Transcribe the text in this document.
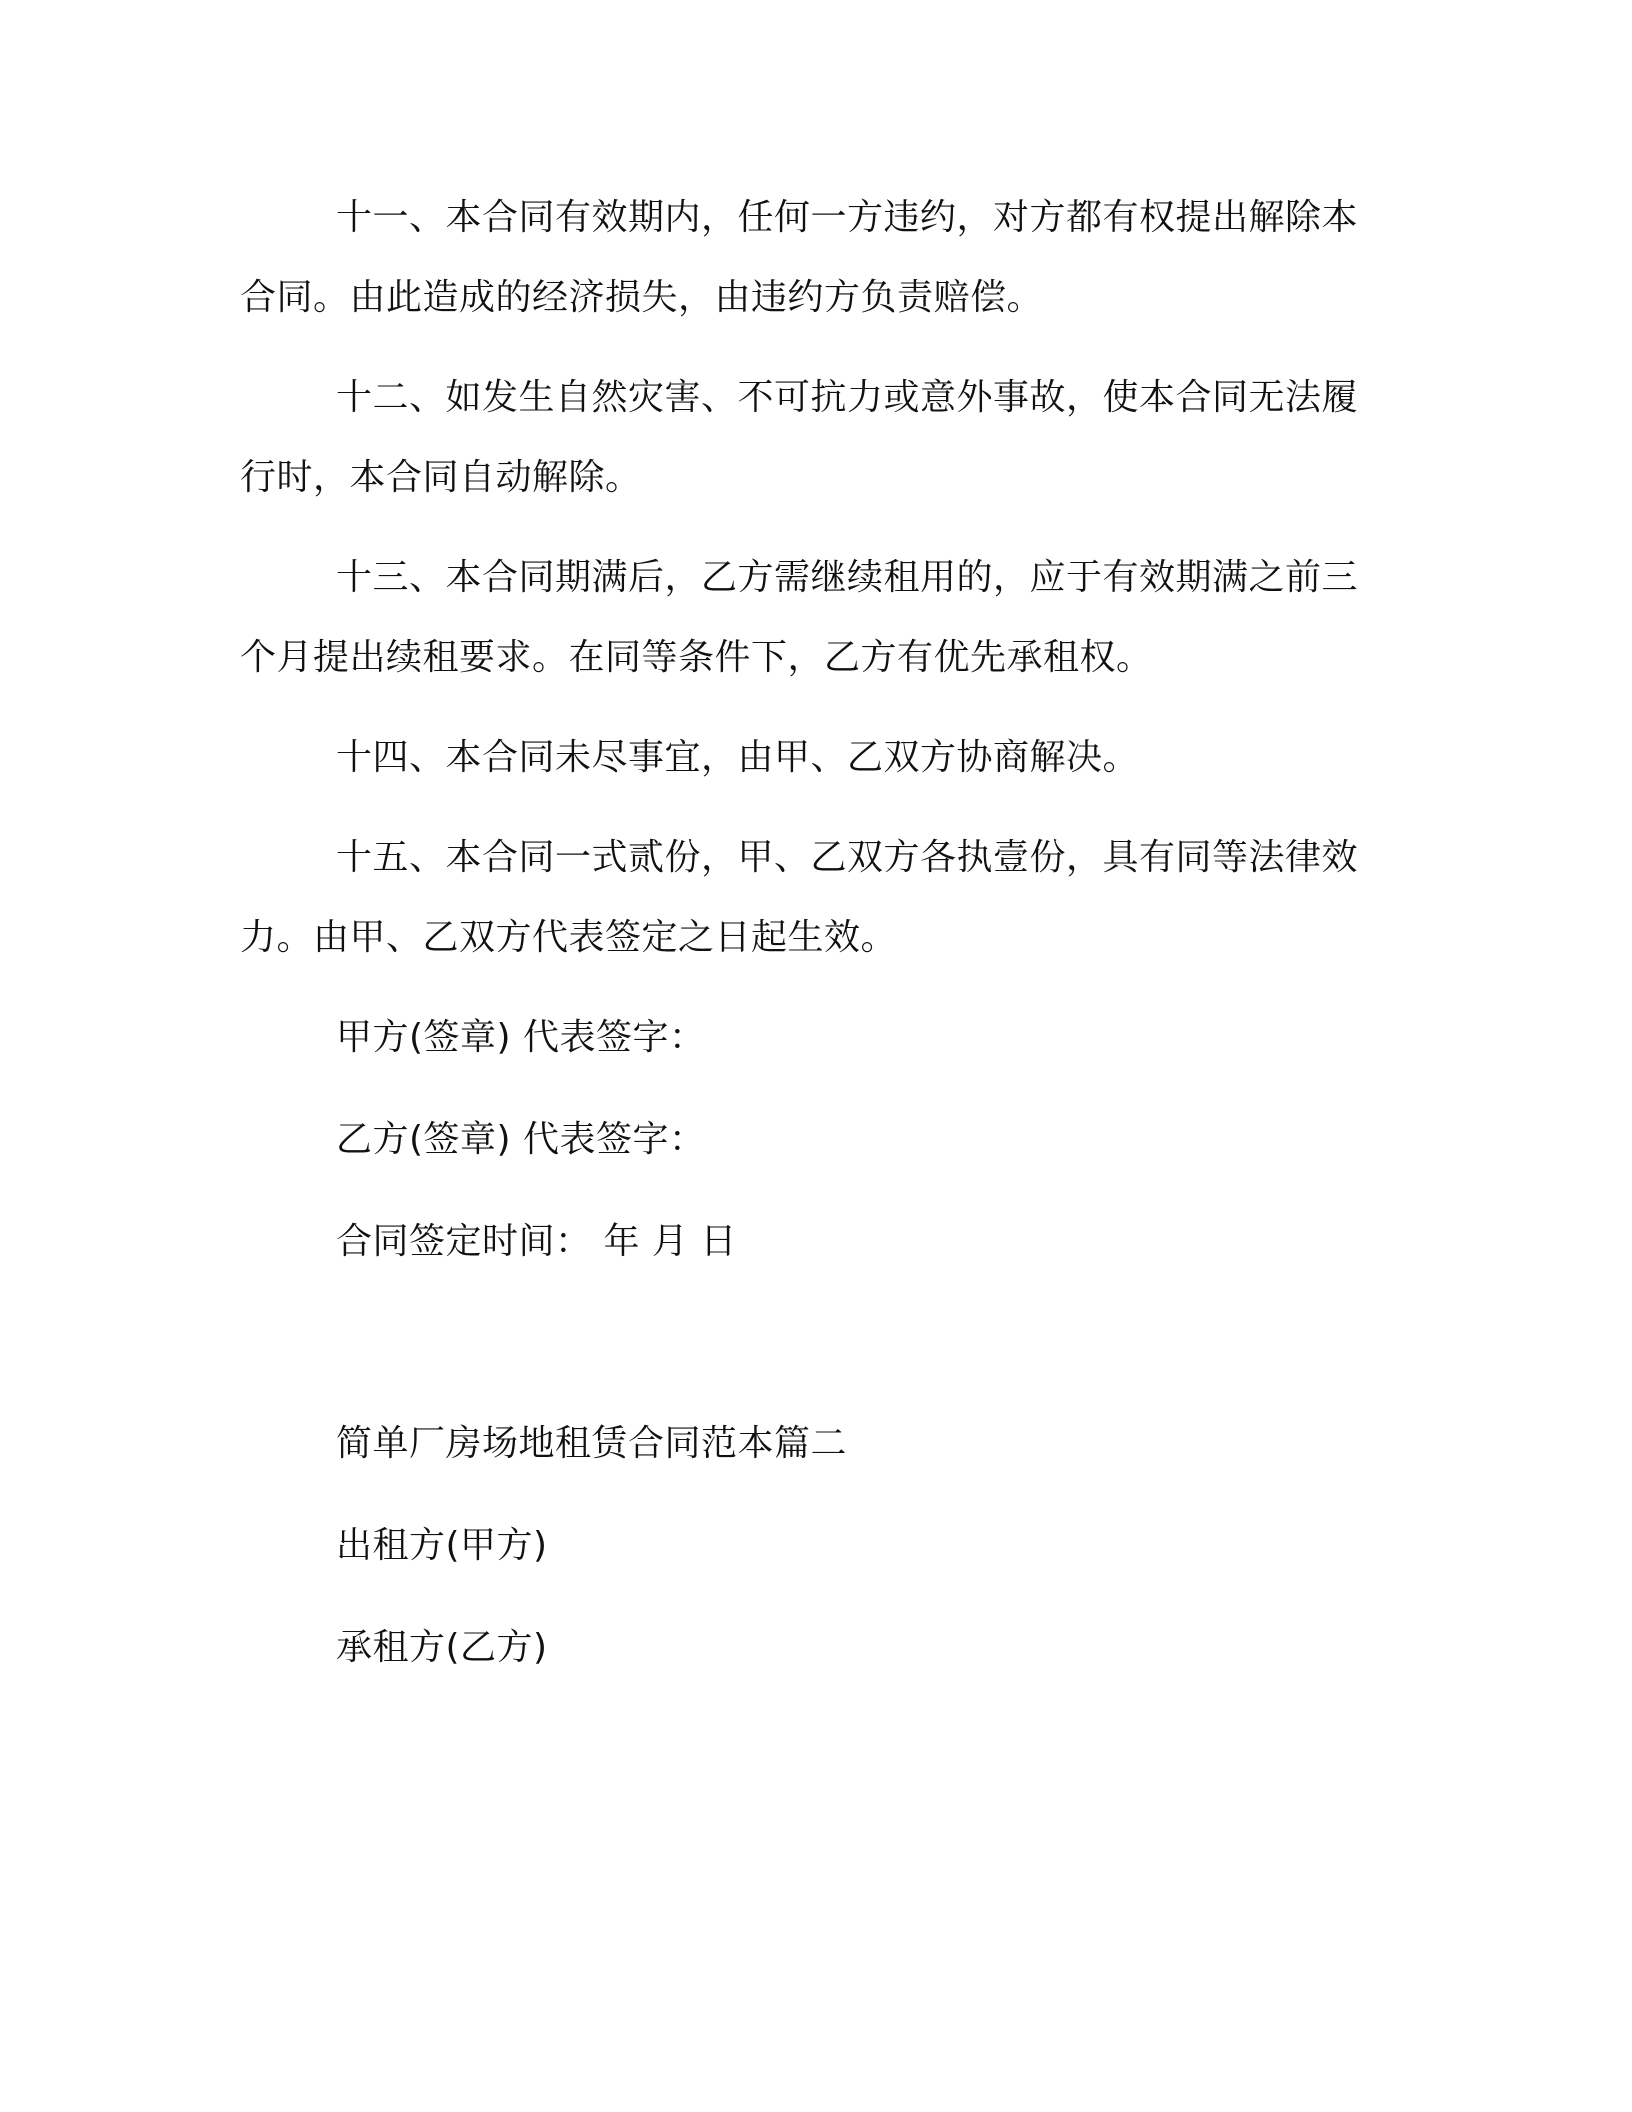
十一、本合同有效期内，任何一方违约，对方都有权提出解除本合同。由此造成的经济损失，由违约方负责赔偿。

十二、如发生自然灾害、不可抗力或意外事故，使本合同无法履行时，本合同自动解除。

十三、本合同期满后，乙方需继续租用的，应于有效期满之前三个月提出续租要求。在同等条件下，乙方有优先承租权。

十四、本合同未尽事宜，由甲、乙双方协商解决。

十五、本合同一式贰份，甲、乙双方各执壹份，具有同等法律效力。由甲、乙双方代表签定之日起生效。

甲方(签章) 代表签字：

乙方(签章) 代表签字：

合同签定时间： 年 月 日

简单厂房场地租赁合同范本篇二

出租方(甲方)

承租方(乙方)
